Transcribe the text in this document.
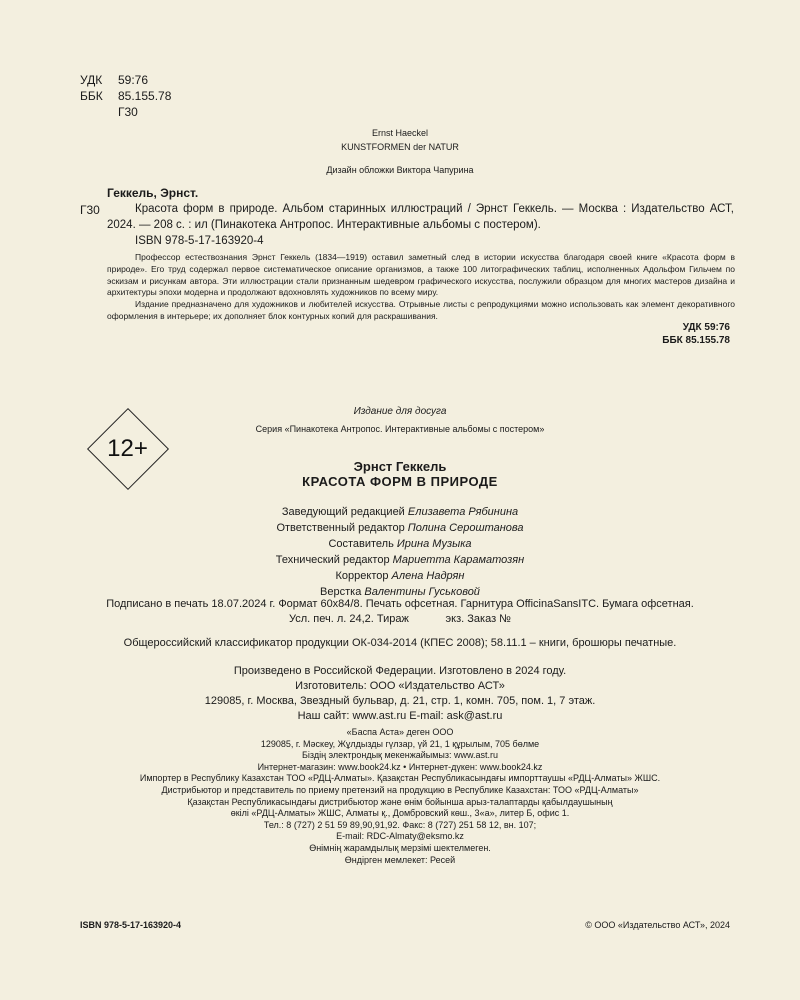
УДК	59:76
ББК	85.155.78
Г30
Ernst Haeckel
KUNSTFORMEN der NATUR
Дизайн обложки Виктора Чапурина
Геккель, Эрнст.
Г30	Красота форм в природе. Альбом старинных иллюстраций / Эрнст Геккель. — Москва : Издательство АСТ, 2024. — 208 с. : ил (Пинакотека Антропос. Интерактивные альбомы с постером).
ISBN 978-5-17-163920-4

Профессор естествознания Эрнст Геккель (1834—1919) оставил заметный след в истории искусства благодаря своей книге «Красота форм в природе». Его труд содержал первое систематическое описание организмов, а также 100 литографических таблиц, исполненных Адольфом Гильчем по эскизам и рисункам автора. Эти иллюстрации стали признанным шедевром графического искусства, послужили образцом для многих мастеров дизайна и архитектуры эпохи модерна и продолжают вдохновлять художников по всему миру.

Издание предназначено для художников и любителей искусства. Отрывные листы с репродукциями можно использовать как элемент декоративного оформления в интерьере; их дополняет блок контурных копий для раскрашивания.

УДК 59:76
ББК 85.155.78
12+
Издание для досуга
Серия «Пинакотека Антропос. Интерактивные альбомы с постером»
Эрнст Геккель
КРАСОТА ФОРМ В ПРИРОДЕ
Заведующий редакцией Елизавета Рябинина
Ответственный редактор Полина Сероштанова
Составитель Ирина Музыка
Технический редактор Мариетта Караматозян
Корректор Алена Надрян
Верстка Валентины Гуськовой
Подписано в печать 18.07.2024 г. Формат 60х84/8. Печать офсетная. Гарнитура OfficinaSansITC. Бумага офсетная.
Усл. печ. л. 24,2. Тираж            экз. Заказ №
Общероссийский классификатор продукции ОК-034-2014 (КПЕС 2008); 58.11.1 – книги, брошюры печатные.
Произведено в Российской Федерации. Изготовлено в 2024 году.
Изготовитель: ООО «Издательство АСТ»
129085, г. Москва, Звездный бульвар, д. 21, стр. 1, комн. 705, пом. 1, 7 этаж.
Наш сайт: www.ast.ru E-mail: ask@ast.ru
«Баспа Аста» деген ООО
129085, г. Мәскеу, Жұлдызды гүлзар, үй 21, 1 құрылым, 705 бөлме
Біздің электрондық мекенжайымыз: www.ast.ru
Интернет-магазин: www.book24.kz • Интернет-дүкен: www.book24.kz
Импортер в Республику Казахстан ТОО «РДЦ-Алматы». Қазақстан Республикасындағы импорттаушы «РДЦ-Алматы» ЖШС.
Дистрибьютор и представитель по приему претензий на продукцию в Республике Казахстан: ТОО «РДЦ-Алматы»
Қазақстан Республикасындағы дистрибьютор және өнім бойынша арыз-талаптарды қабылдаушының
өкілі «РДЦ-Алматы» ЖШС, Алматы қ., Домбровский көш., 3«а», литер Б, офис 1.
Тел.: 8 (727) 2 51 59 89,90,91,92. Факс: 8 (727) 251 58 12, вн. 107;
E-mail: RDC-Almaty@eksmo.kz
Өнімнің жарамдылық мерзімі шектелмеген.
Өндірген мемлекет: Ресей
ISBN 978-5-17-163920-4	© ООО «Издательство АСТ», 2024
